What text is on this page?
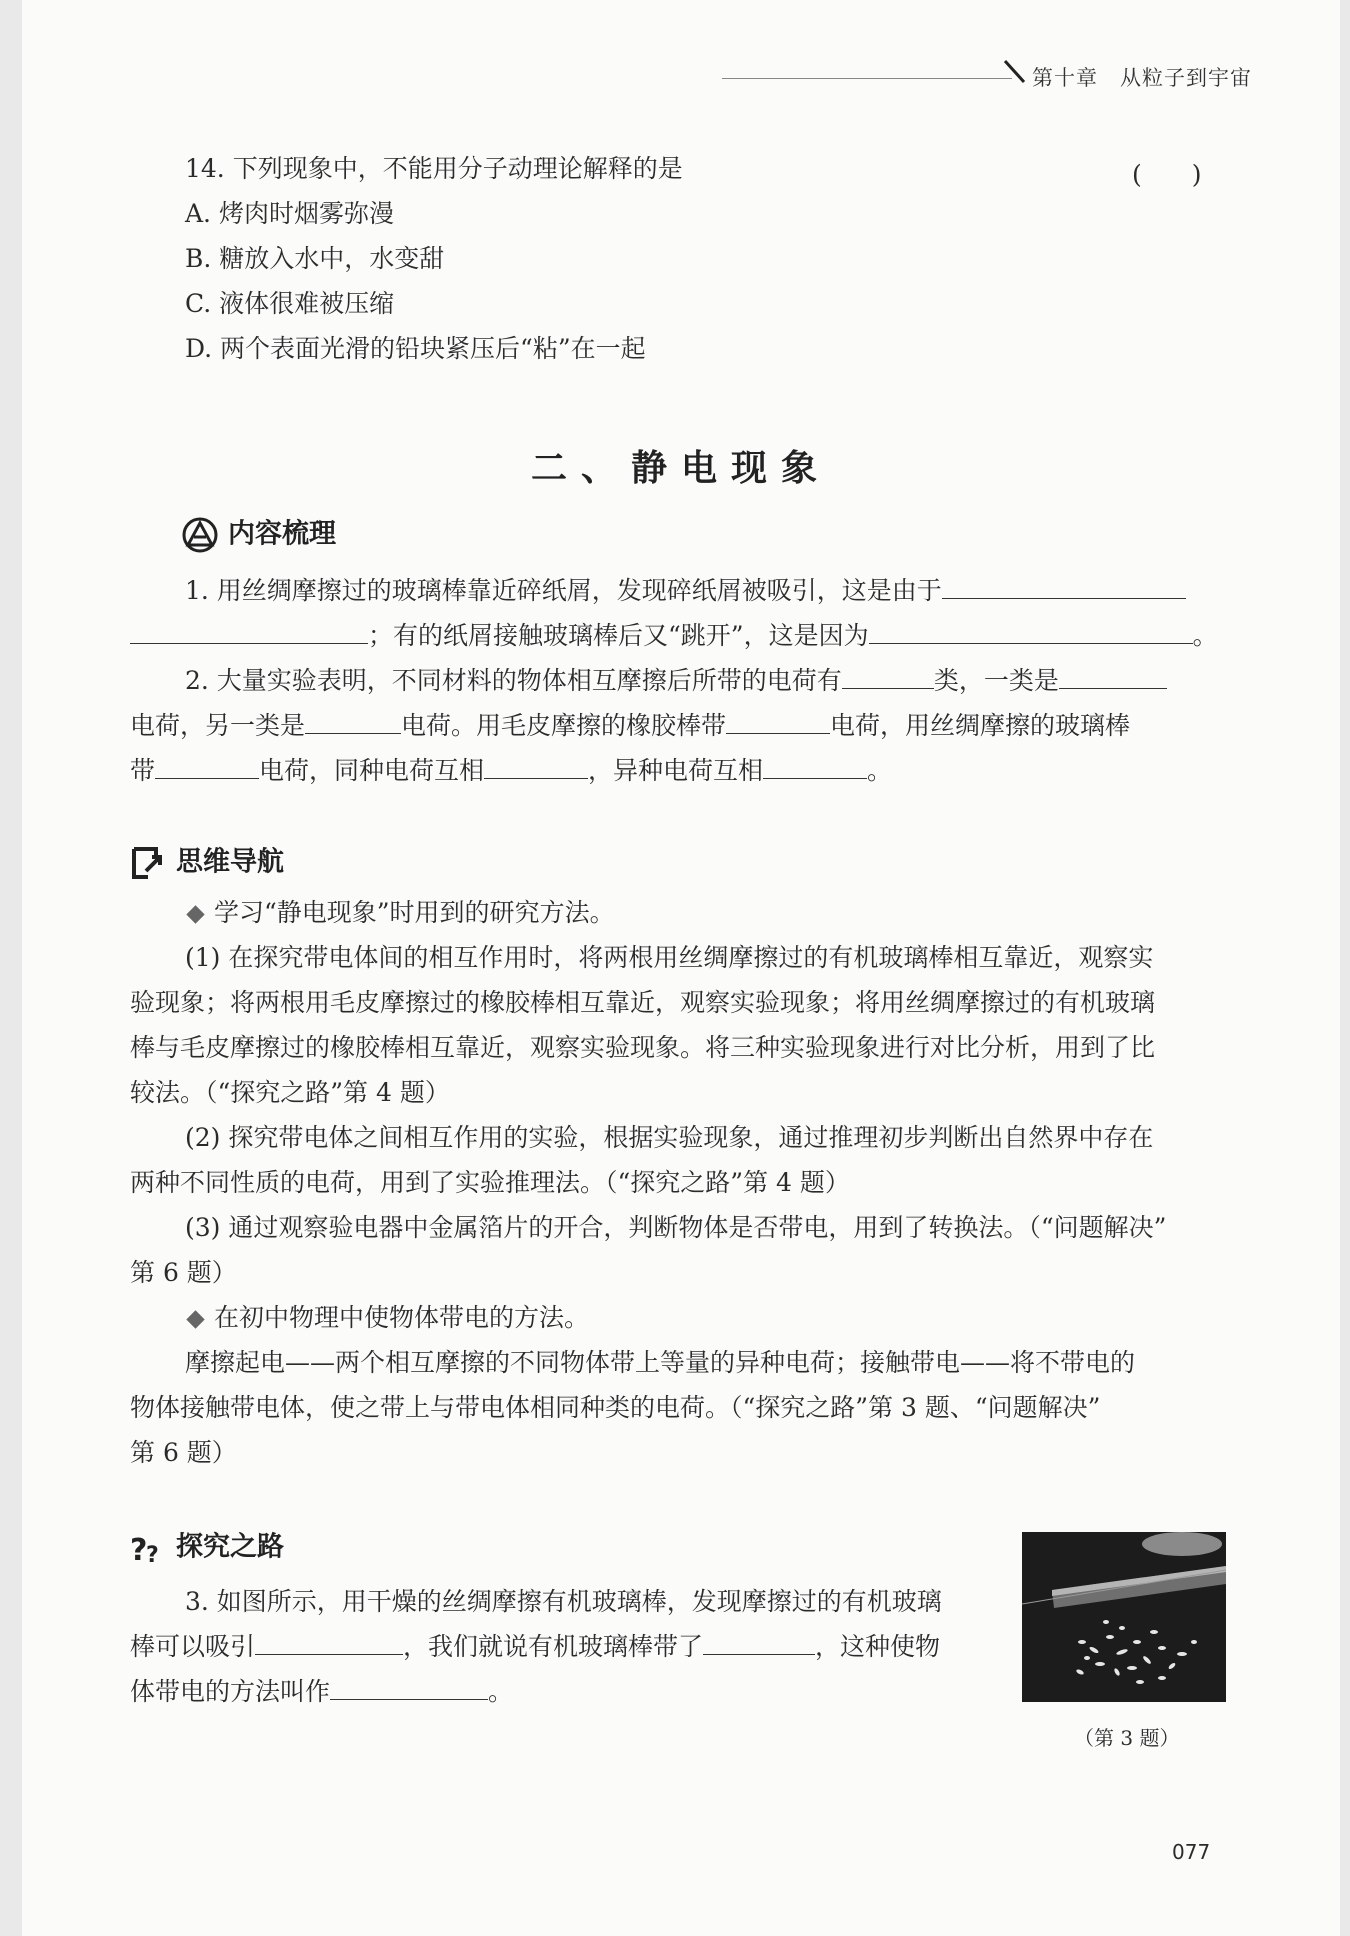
第十章　从粒子到宇宙
14. 下列现象中，不能用分子动理论解释的是	(　　)
A. 烤肉时烟雾弥漫
B. 糖放入水中，水变甜
C. 液体很难被压缩
D. 两个表面光滑的铅块紧压后“粘”在一起
二、静电现象
内容梳理
1. 用丝绸摩擦过的玻璃棒靠近碎纸屑，发现碎纸屑被吸引，这是由于
；有的纸屑接触玻璃棒后又“跳开”，这是因为	。
2. 大量实验表明，不同材料的物体相互摩擦后所带的电荷有	类，一类是
电荷，另一类是	电荷。用毛皮摩擦的橡胶棒带	电荷，用丝绸摩擦的玻璃棒
带	电荷，同种电荷互相	，异种电荷互相	。
思维导航
学习“静电现象”时用到的研究方法。
(1) 在探究带电体间的相互作用时，将两根用丝绸摩擦过的有机玻璃棒相互靠近，观察实
验现象；将两根用毛皮摩擦过的橡胶棒相互靠近，观察实验现象；将用丝绸摩擦过的有机玻璃
棒与毛皮摩擦过的橡胶棒相互靠近，观察实验现象。将三种实验现象进行对比分析，用到了比
较法。（“探究之路”第 4 题）
(2) 探究带电体之间相互作用的实验，根据实验现象，通过推理初步判断出自然界中存在
两种不同性质的电荷，用到了实验推理法。（“探究之路”第 4 题）
(3) 通过观察验电器中金属箔片的开合，判断物体是否带电，用到了转换法。（“问题解决”
第 6 题）
在初中物理中使物体带电的方法。
摩擦起电——两个相互摩擦的不同物体带上等量的异种电荷；接触带电——将不带电的
物体接触带电体，使之带上与带电体相同种类的电荷。（“探究之路”第 3 题、“问题解决”
第 6 题）
?
? 探究之路
3. 如图所示，用干燥的丝绸摩擦有机玻璃棒，发现摩擦过的有机玻璃
棒可以吸引	，我们就说有机玻璃棒带了	，这种使物
体带电的方法叫作	。
（第 3 题）
077
